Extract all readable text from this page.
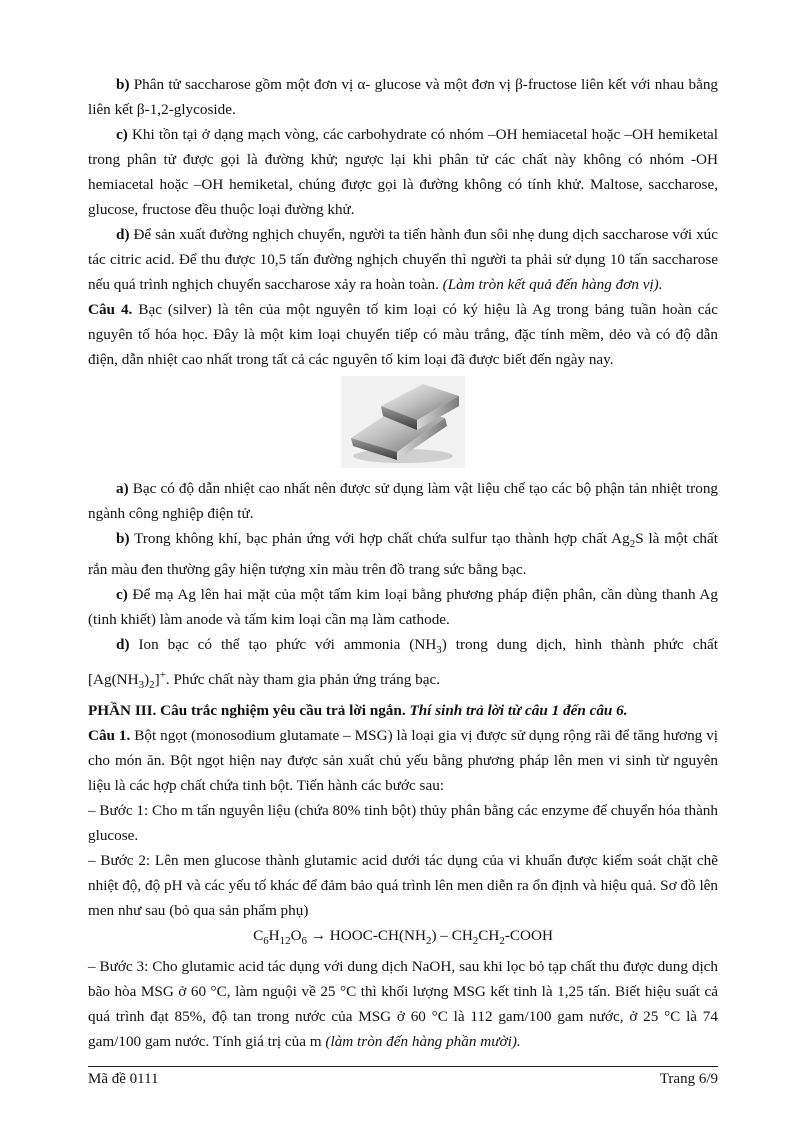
b) Phân tử saccharose gồm một đơn vị α- glucose và một đơn vị β-fructose liên kết với nhau bằng liên kết β-1,2-glycoside.

c) Khi tồn tại ở dạng mạch vòng, các carbohydrate có nhóm –OH hemiacetal hoặc –OH hemiketal trong phân tử được gọi là đường khử; ngược lại khi phân tử các chất này không có nhóm -OH hemiacetal hoặc –OH hemiketal, chúng được gọi là đường không có tính khử. Maltose, saccharose, glucose, fructose đều thuộc loại đường khử.

d) Để sản xuất đường nghịch chuyển, người ta tiến hành đun sôi nhẹ dung dịch saccharose với xúc tác citric acid. Để thu được 10,5 tấn đường nghịch chuyển thì người ta phải sử dụng 10 tấn saccharose nếu quá trình nghịch chuyển saccharose xảy ra hoàn toàn. (Làm tròn kết quả đến hàng đơn vị).

Câu 4. Bạc (silver) là tên của một nguyên tố kim loại có ký hiệu là Ag trong bảng tuần hoàn các nguyên tố hóa học. Đây là một kim loại chuyển tiếp có màu trắng, đặc tính mềm, dẻo và có độ dẫn điện, dẫn nhiệt cao nhất trong tất cả các nguyên tố kim loại đã được biết đến ngày nay.

a) Bạc có độ dẫn nhiệt cao nhất nên được sử dụng làm vật liệu chế tạo các bộ phận tản nhiệt trong ngành công nghiệp điện tử.

b) Trong không khí, bạc phản ứng với hợp chất chứa sulfur tạo thành hợp chất $Ag_2S$ là một chất rắn màu đen thường gây hiện tượng xỉn màu trên đồ trang sức bằng bạc.

c) Để mạ Ag lên hai mặt của một tấm kim loại bằng phương pháp điện phân, cần dùng thanh Ag (tinh khiết) làm anode và tấm kim loại cần mạ làm cathode.

d) Ion bạc có thể tạo phức với ammonia $(NH_3)$ trong dung dịch, hình thành phức chất $[Ag(NH_3)_2]^+$. Phức chất này tham gia phản ứng tráng bạc.

PHẦN III. Câu trắc nghiệm yêu cầu trả lời ngắn. Thí sinh trả lời từ câu 1 đến câu 6.

Câu 1. Bột ngọt (monosodium glutamate – MSG) là loại gia vị được sử dụng rộng rãi để tăng hương vị cho món ăn. Bột ngọt hiện nay được sản xuất chủ yếu bằng phương pháp lên men vi sinh từ nguyên liệu là các hợp chất chứa tinh bột. Tiến hành các bước sau:

– Bước 1: Cho m tấn nguyên liệu (chứa 80% tinh bột) thủy phân bằng các enzyme để chuyển hóa thành glucose.

– Bước 2: Lên men glucose thành glutamic acid dưới tác dụng của vi khuẩn được kiểm soát chặt chẽ nhiệt độ, độ pH và các yếu tố khác để đảm bảo quá trình lên men diễn ra ổn định và hiệu quả. Sơ đồ lên men như sau (bỏ qua sản phẩm phụ)

$C_6H_{12}O_6$ → HOOC-$CH(NH_2)$ – $CH_2CH_2$-COOH

– Bước 3: Cho glutamic acid tác dụng với dung dịch NaOH, sau khi lọc bỏ tạp chất thu được dung dịch bão hòa MSG ở 60 °C, làm nguội về 25 °C thì khối lượng MSG kết tinh là 1,25 tấn. Biết hiệu suất cả quá trình đạt 85%, độ tan trong nước của MSG ở 60 °C là 112 gam/100 gam nước, ở 25 °C là 74 gam/100 gam nước. Tính giá trị của m (làm tròn đến hàng phần mười).

Mã đề 0111	Trang 6/9
